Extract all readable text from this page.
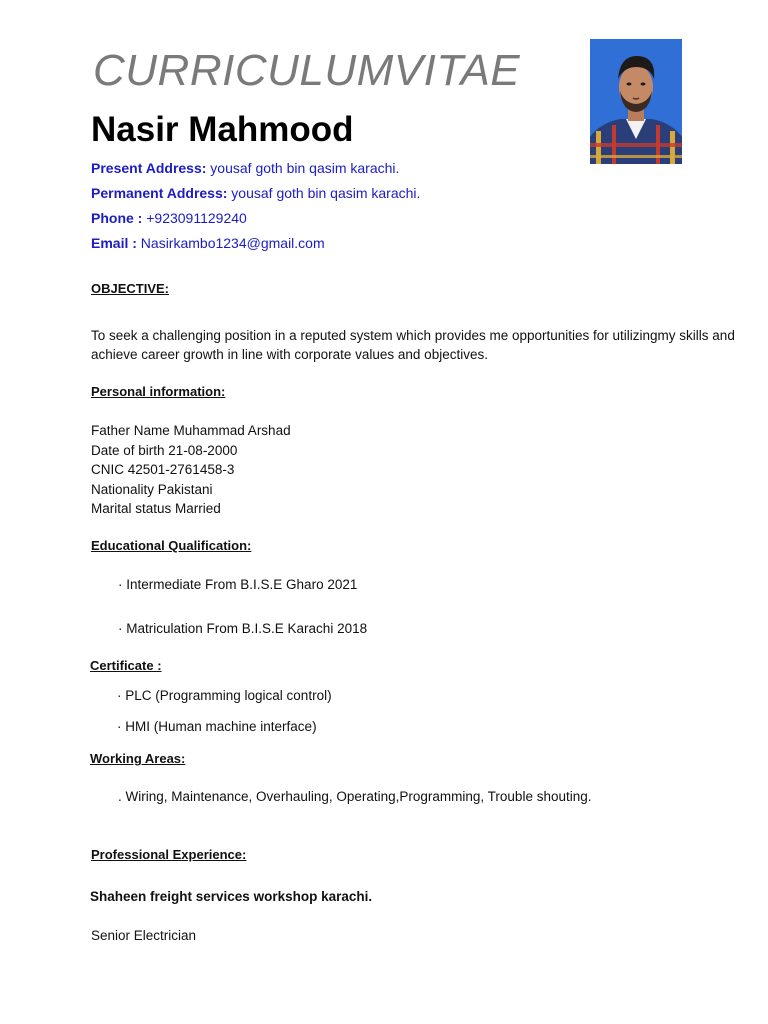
CURRICULUMVITAE
Nasir Mahmood
Present Address: yousaf goth bin qasim karachi.
Permanent Address: yousaf goth bin qasim karachi.
Phone : +923091129240
Email : Nasirkambo1234@gmail.com
OBJECTIVE:
To seek a challenging position in a reputed system which provides me opportunities for utilizingmy skills and achieve career growth in line with corporate values and objectives.
Personal information:
Father Name Muhammad Arshad
Date of birth 21-08-2000
CNIC 42501-2761458-3
Nationality Pakistani
Marital status Married
Educational Qualification:
· Intermediate From B.I.S.E Gharo 2021
· Matriculation From B.I.S.E Karachi 2018
Certificate :
· PLC (Programming logical control)
· HMI (Human machine interface)
Working Areas:
. Wiring, Maintenance, Overhauling, Operating,Programming, Trouble shouting.
Professional Experience:
Shaheen freight services workshop karachi.
Senior Electrician
